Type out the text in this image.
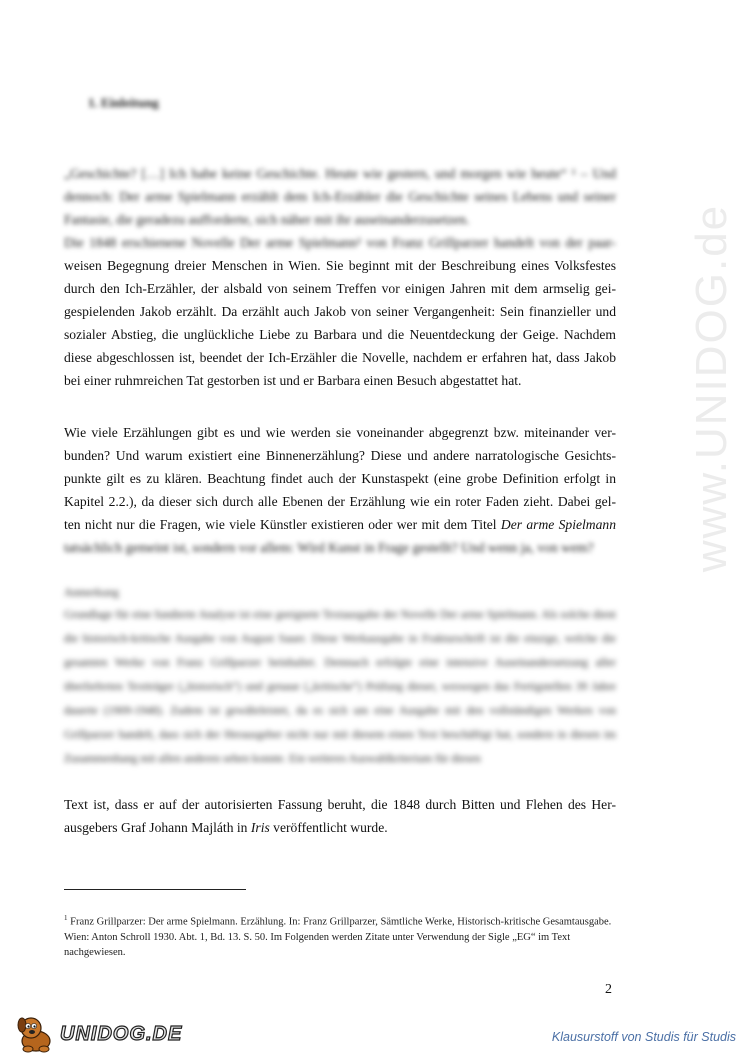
www.UNIDOG.de
1. Einleitung

„Geschichte? […] Ich habe keine Geschichte. Heute wie gestern, und morgen wie heute“ ¹ – Und
dennoch: Der arme Spielmann erzählt dem Ich-Erzähler die Geschichte seines Lebens und seiner
Fantasie, die geradezu aufforderte, sich näher mit ihr auseinanderzusetzen.

Die 1848 erschienene Novelle Der arme Spielmann² von Franz Grillparzer handelt von der paar-
weisen Begegnung dreier Menschen in Wien. Sie beginnt mit der Beschreibung eines Volksfestes
durch den Ich-Erzähler, der alsbald von seinem Treffen vor einigen Jahren mit dem armselig gei-
gespielenden Jakob erzählt. Da erzählt auch Jakob von seiner Vergangenheit: Sein finanzieller und
sozialer Abstieg, die unglückliche Liebe zu Barbara und die Neuentdeckung der Geige. Nachdem
diese abgeschlossen ist, beendet der Ich-Erzähler die Novelle, nachdem er erfahren hat, dass Jakob
bei einer ruhmreichen Tat gestorben ist und er Barbara einen Besuch abgestattet hat.

Wie viele Erzählungen gibt es und wie werden sie voneinander abgegrenzt bzw. miteinander ver-
bunden? Und warum existiert eine Binnenerzählung? Diese und andere narratologische Gesichts-
punkte gilt es zu klären. Beachtung findet auch der Kunstaspekt (eine grobe Definition erfolgt in
Kapitel 2.2.), da dieser sich durch alle Ebenen der Erzählung wie ein roter Faden zieht. Dabei gel-
ten nicht nur die Fragen, wie viele Künstler existieren oder wer mit dem Titel Der arme Spielmann
tatsächlich gemeint ist, sondern vor allem: Wird Kunst in Frage gestellt? Und wenn ja, von wem?

Anmerkung

Grundlage für eine fundierte Analyse ist eine geeignete Textausgabe der Novelle Der arme Spielmann. Als solche dient die historisch-kritische Ausgabe von August Sauer. Diese Werkausgabe in Frakturschrift ist die einzige, welche die gesamten Werke von Franz Grillparzer beinhaltet. Demnach erfolgte eine intensive Auseinandersetzung aller überlieferten Textträger („historisch“) und genaue („kritische“) Prüfung dieser, weswegen das Fertigstellen 39 Jahre dauerte (1909-1948). Zudem ist gewährleistet, da es sich um eine Ausgabe mit den vollständigen Werken von Grillparzer handelt, dass sich der Herausgeber nicht nur mit diesem einen Text beschäftigt hat, sondern in diesen im Zusammenhang mit allen anderen sehen konnte. Ein weiteres Auswahlkriterium für diesen

Text ist, dass er auf der autorisierten Fassung beruht, die 1848 durch Bitten und Flehen des Her-
ausgebers Graf Johann Majláth in Iris veröffentlicht wurde.

$^1$ Franz Grillparzer: Der arme Spielmann. Erzählung. In: Franz Grillparzer, Sämtliche Werke, Historisch-kritische Gesamtausgabe. Wien: Anton Schroll 1930. Abt. 1, Bd. 13. S. 50. Im Folgenden werden Zitate unter Verwendung der Sigle „EG“ im Text nachgewiesen.
2
UNIDOG.DE	Klausurstoff von Studis für Studis
